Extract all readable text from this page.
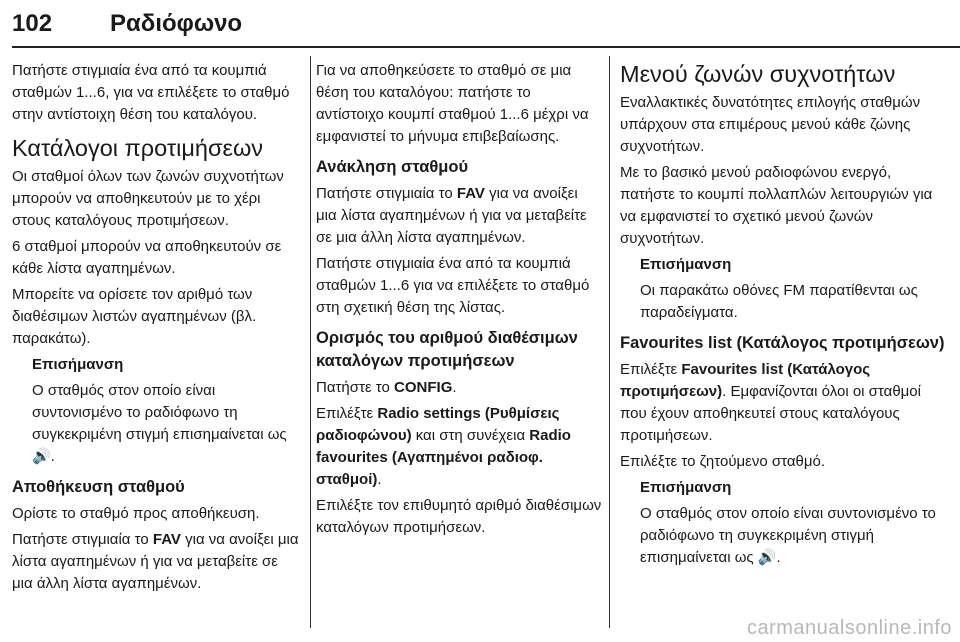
102 Ραδιόφωνο

Πατήστε στιγμιαία ένα από τα κουμπιά σταθμών 1...6, για να επιλέξετε το σταθμό στην αντίστοιχη θέση του καταλόγου.

Κατάλογοι προτιμήσεων

Οι σταθμοί όλων των ζωνών συχνοτήτων μπορούν να αποθηκευτούν με το χέρι στους καταλόγους προτιμήσεων.

6 σταθμοί μπορούν να αποθηκευτούν σε κάθε λίστα αγαπημένων.

Μπορείτε να ορίσετε τον αριθμό των διαθέσιμων λιστών αγαπημένων (βλ. παρακάτω).

Επισήμανση

Ο σταθμός στον οποίο είναι συντονισμένο το ραδιόφωνο τη συγκεκριμένη στιγμή επισημαίνεται ως 🔊.

Αποθήκευση σταθμού

Ορίστε το σταθμό προς αποθήκευση.

Πατήστε στιγμιαία το FAV για να ανοίξει μια λίστα αγαπημένων ή για να μεταβείτε σε μια άλλη λίστα αγαπημένων.

Για να αποθηκεύσετε το σταθμό σε μια θέση του καταλόγου: πατήστε το αντίστοιχο κουμπί σταθμού 1...6 μέχρι να εμφανιστεί το μήνυμα επιβεβαίωσης.

Ανάκληση σταθμού

Πατήστε στιγμιαία το FAV για να ανοίξει μια λίστα αγαπημένων ή για να μεταβείτε σε μια άλλη λίστα αγαπημένων.

Πατήστε στιγμιαία ένα από τα κουμπιά σταθμών 1...6 για να επιλέξετε το σταθμό στη σχετική θέση της λίστας.

Ορισμός του αριθμού διαθέσιμων καταλόγων προτιμήσεων

Πατήστε το CONFIG.

Επιλέξτε Radio settings (Ρυθμίσεις ραδιοφώνου) και στη συνέχεια Radio favourites (Αγαπημένοι ραδιοφ. σταθμοί).

Επιλέξτε τον επιθυμητό αριθμό διαθέσιμων καταλόγων προτιμήσεων.

Μενού ζωνών συχνοτήτων

Εναλλακτικές δυνατότητες επιλογής σταθμών υπάρχουν στα επιμέρους μενού κάθε ζώνης συχνοτήτων.

Με το βασικό μενού ραδιοφώνου ενεργό, πατήστε το κουμπί πολλαπλών λειτουργιών για να εμφανιστεί το σχετικό μενού ζωνών συχνοτήτων.

Επισήμανση

Οι παρακάτω οθόνες FM παρατίθενται ως παραδείγματα.

Favourites list (Κατάλογος προτιμήσεων)

Επιλέξτε Favourites list (Κατάλογος προτιμήσεων). Εμφανίζονται όλοι οι σταθμοί που έχουν αποθηκευτεί στους καταλόγους προτιμήσεων.

Επιλέξτε το ζητούμενο σταθμό.

Επισήμανση

Ο σταθμός στον οποίο είναι συντονισμένο το ραδιόφωνο τη συγκεκριμένη στιγμή επισημαίνεται ως 🔊.

carmanualsonline.info
